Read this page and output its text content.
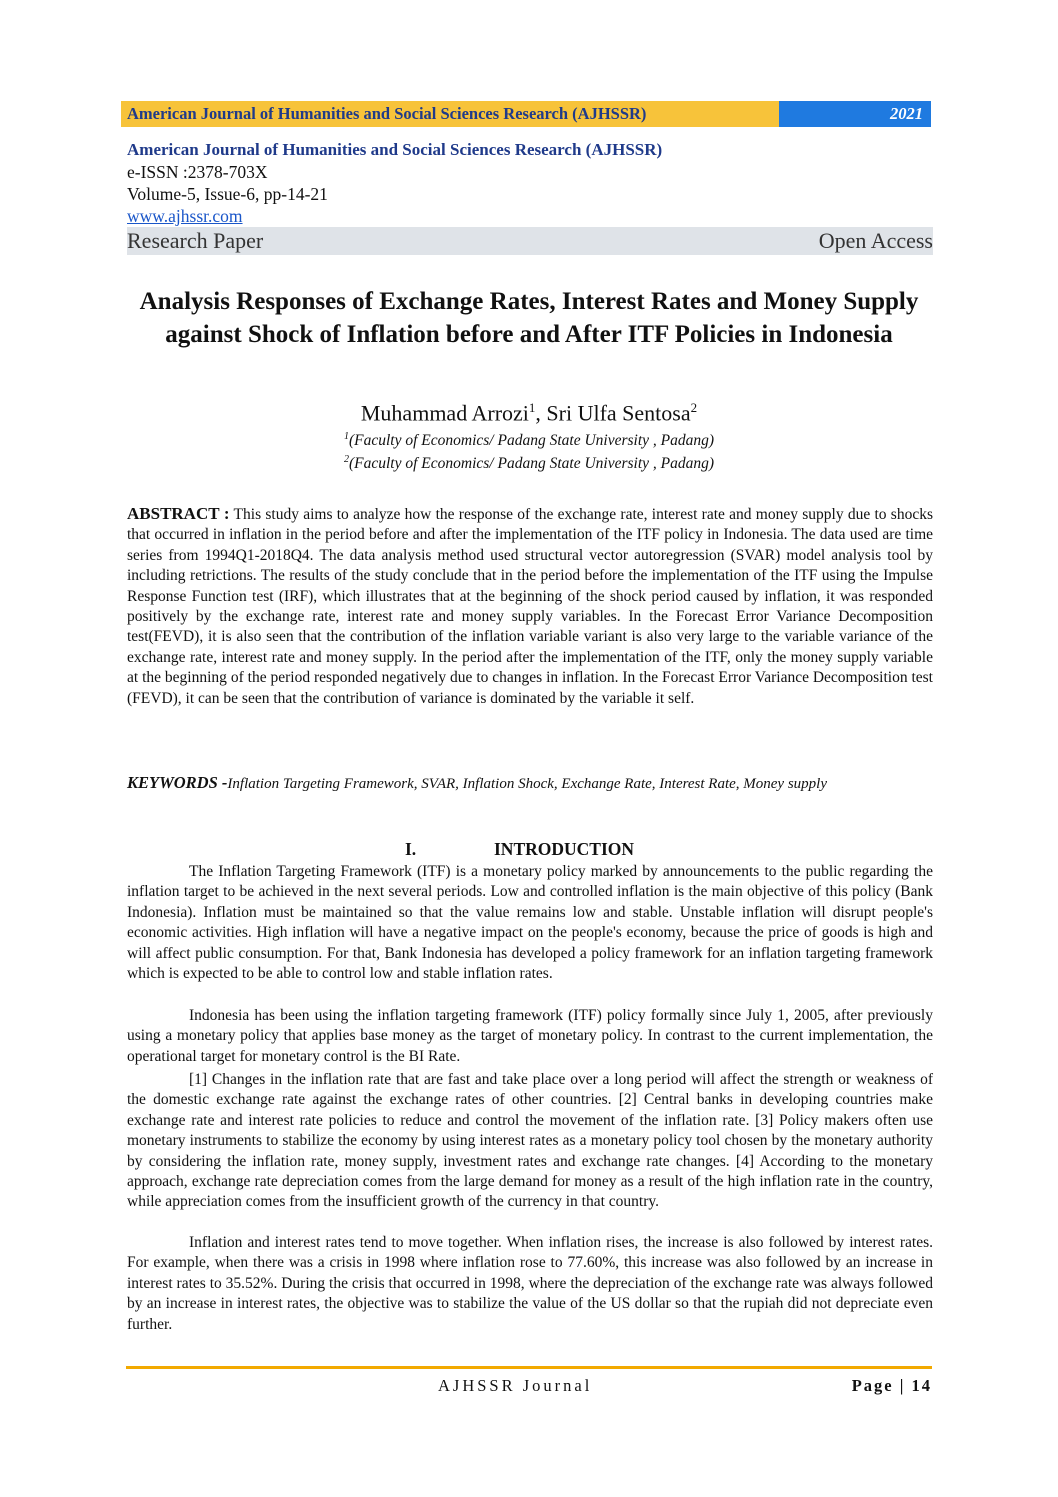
American Journal of Humanities and Social Sciences Research (AJHSSR)	2021
American Journal of Humanities and Social Sciences Research (AJHSSR)
e-ISSN :2378-703X
Volume-5, Issue-6, pp-14-21
www.ajhssr.com
Research Paper	Open Access
Analysis Responses of Exchange Rates, Interest Rates and Money Supply against Shock of Inflation before and After ITF Policies in Indonesia
Muhammad Arrozi$^1$, Sri Ulfa Sentosa$^2$
$^1$(Faculty of Economics/ Padang State University , Padang)
$^2$(Faculty of Economics/ Padang State University , Padang)
ABSTRACT : This study aims to analyze how the response of the exchange rate, interest rate and money supply due to shocks that occurred in inflation in the period before and after the implementation of the ITF policy in Indonesia. The data used are time series from 1994Q1-2018Q4. The data analysis method used structural vector autoregression (SVAR) model analysis tool by including retrictions. The results of the study conclude that in the period before the implementation of the ITF using the Impulse Response Function test (IRF), which illustrates that at the beginning of the shock period caused by inflation, it was responded positively by the exchange rate, interest rate and money supply variables. In the Forecast Error Variance Decomposition test(FEVD), it is also seen that the contribution of the inflation variable variant is also very large to the variable variance of the exchange rate, interest rate and money supply. In the period after the implementation of the ITF, only the money supply variable at the beginning of the period responded negatively due to changes in inflation. In the Forecast Error Variance Decomposition test (FEVD), it can be seen that the contribution of variance is dominated by the variable it self.
KEYWORDS -Inflation Targeting Framework, SVAR, Inflation Shock, Exchange Rate, Interest Rate, Money supply
I.	INTRODUCTION
The Inflation Targeting Framework (ITF) is a monetary policy marked by announcements to the public regarding the inflation target to be achieved in the next several periods. Low and controlled inflation is the main objective of this policy (Bank Indonesia). Inflation must be maintained so that the value remains low and stable. Unstable inflation will disrupt people's economic activities. High inflation will have a negative impact on the people's economy, because the price of goods is high and will affect public consumption. For that, Bank Indonesia has developed a policy framework for an inflation targeting framework which is expected to be able to control low and stable inflation rates.
Indonesia has been using the inflation targeting framework (ITF) policy formally since July 1, 2005, after previously using a monetary policy that applies base money as the target of monetary policy. In contrast to the current implementation, the operational target for monetary control is the BI Rate.
[1] Changes in the inflation rate that are fast and take place over a long period will affect the strength or weakness of the domestic exchange rate against the exchange rates of other countries. [2] Central banks in developing countries make exchange rate and interest rate policies to reduce and control the movement of the inflation rate. [3] Policy makers often use monetary instruments to stabilize the economy by using interest rates as a monetary policy tool chosen by the monetary authority by considering the inflation rate, money supply, investment rates and exchange rate changes. [4] According to the monetary approach, exchange rate depreciation comes from the large demand for money as a result of the high inflation rate in the country, while appreciation comes from the insufficient growth of the currency in that country.
Inflation and interest rates tend to move together. When inflation rises, the increase is also followed by interest rates. For example, when there was a crisis in 1998 where inflation rose to 77.60%, this increase was also followed by an increase in interest rates to 35.52%. During the crisis that occurred in 1998, where the depreciation of the exchange rate was always followed by an increase in interest rates, the objective was to stabilize the value of the US dollar so that the rupiah did not depreciate even further.
AJHSSR Journal	Page | 14
